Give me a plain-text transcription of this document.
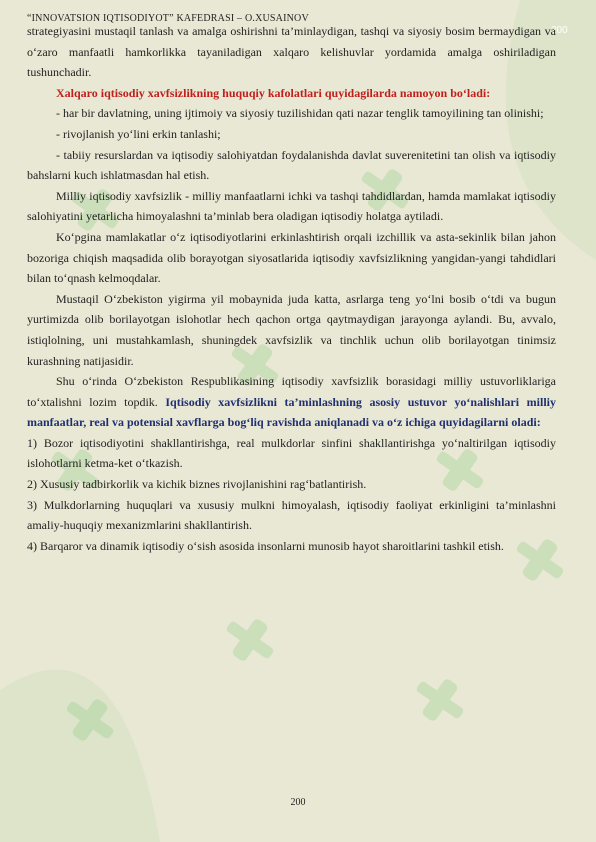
“INNOVATSION IQTISODIYOT” KAFEDRASI – O.XUSAINOV
200

strategiyasini mustaqil tanlash va amalga oshirishni ta’minlaydigan, tashqi va siyosiy bosim bermaydigan va o‘zaro manfaatli hamkorlikka tayaniladigan xalqaro kelishuvlar yordamida amalga oshiriladigan tushunchadir.

Xalqaro iqtisodiy xavfsizlikning huquqiy kafolatlari quyidagilarda namoyon bo‘ladi:

- har bir davlatning, uning ijtimoiy va siyosiy tuzilishidan qati nazar tenglik tamoyilining tan olinishi;

- rivojlanish yo‘lini erkin tanlashi;

- tabiiy resurslardan va iqtisodiy salohiyatdan foydalanishda davlat suverenitetini tan olish va iqtisodiy bahslarni kuch ishlatmasdan hal etish.

Milliy iqtisodiy xavfsizlik - milliy manfaatlarni ichki va tashqi tahdidlardan, hamda mamlakat iqtisodiy salohiyatini yetarlicha himoyalashni ta’minlab bera oladigan iqtisodiy holatga aytiladi.

Ko‘pgina mamlakatlar o‘z iqtisodiyotlarini erkinlashtirish orqali izchillik va asta-sekinlik bilan jahon bozoriga chiqish maqsadida olib borayotgan siyosatlarida iqtisodiy xavfsizlikning yangidan-yangi tahdidlari bilan to‘qnash kelmoqdalar.

Mustaqil O‘zbekiston yigirma yil mobaynida juda katta, asrlarga teng yo‘lni bosib o‘tdi va bugun yurtimizda olib borilayotgan islohotlar hech qachon ortga qaytmaydigan jarayonga aylandi. Bu, avvalo, istiqlolning, uni mustahkamlash, shuningdek xavfsizlik va tinchlik uchun olib borilayotgan tinimsiz kurashning natijasidir.

Shu o‘rinda O‘zbekiston Respublikasining iqtisodiy xavfsizlik borasidagi milliy ustuvorliklariga to‘xtalishni lozim topdik. Iqtisodiy xavfsizlikni ta’minlashning asosiy ustuvor yo‘nalishlari milliy manfaatlar, real va potensial xavflarga bog‘liq ravishda aniqlanadi va o‘z ichiga quyidagilarni oladi:

1) Bozor iqtisodiyotini shakllantirishga, real mulkdorlar sinfini shakllantirishga yo‘naltirilgan iqtisodiy islohotlarni ketma-ket o‘tkazish.

2) Xususiy tadbirkorlik va kichik biznes rivojlanishini rag‘batlantirish.

3) Mulkdorlarning huquqlari va xususiy mulkni himoyalash, iqtisodiy faoliyat erkinligini ta’minlashni amaliy-huquqiy mexanizmlarini shakllantirish.

4) Barqaror va dinamik iqtisodiy o‘sish asosida insonlarni munosib hayot sharoitlarini tashkil etish.

200
